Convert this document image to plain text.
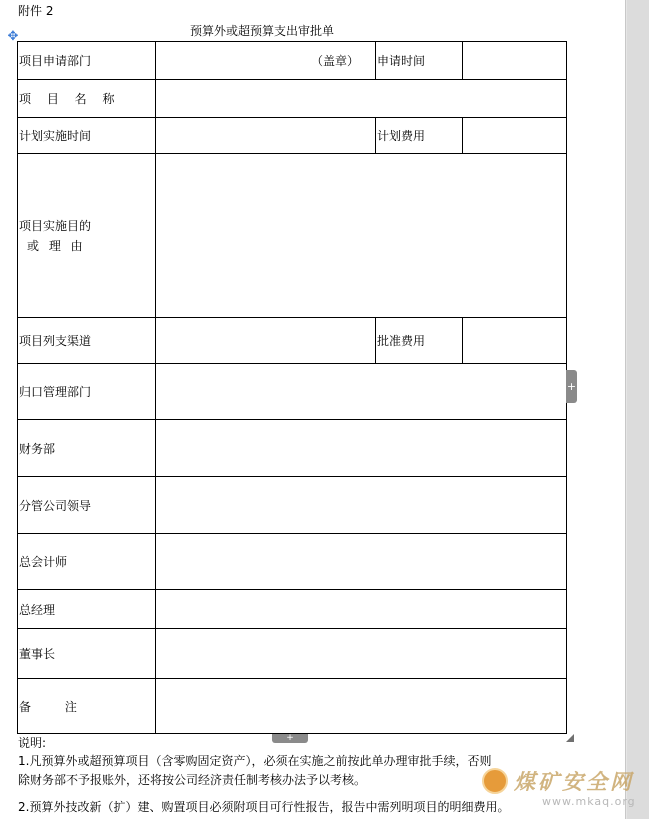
附件 2
预算外或超预算支出审批单
✥
项目申请部门	（盖章）	申请时间	
项 目 名 称			
计划实施时间		计划费用	

项目实施目的
或 理 由			

项目列支渠道		批准费用	
归口管理部门			
财务部			
分管公司领导			
总会计师			
总经理			
董事长			
备 注			
+
+
说明:
1.凡预算外或超预算项目（含零购固定资产），必须在实施之前按此单办理审批手续，否则
除财务部不予报账外，还将按公司经济责任制考核办法予以考核。
2.预算外技改新（扩）建、购置项目必须附项目可行性报告，报告中需列明项目的明细费用。
煤矿安全网
www.mkaq.org
